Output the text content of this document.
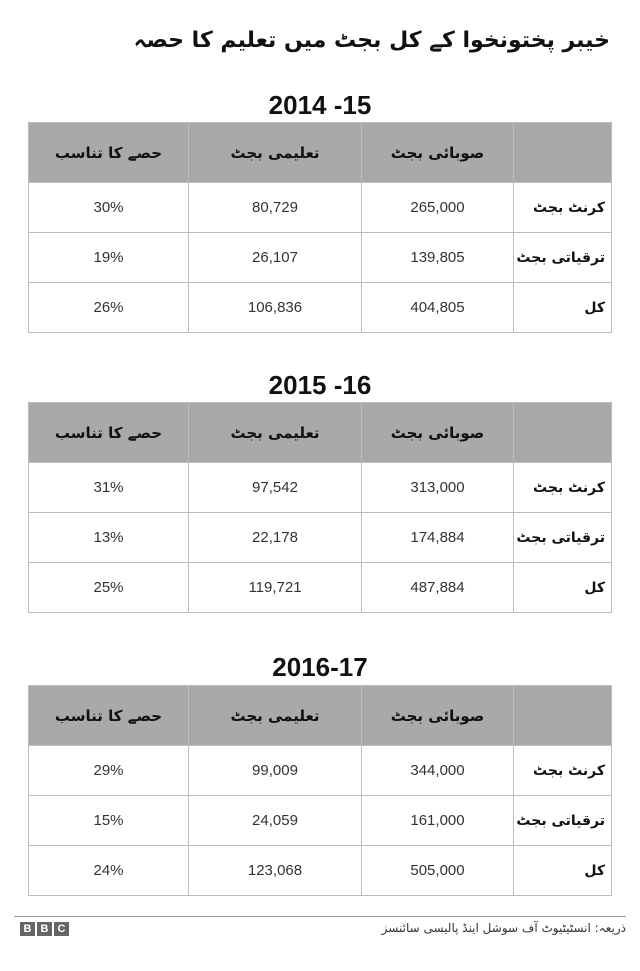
خیبر پختونخوا کے کل بجٹ میں تعلیم کا حصہ
2014 -15
حصے کا تناسب	تعلیمی بجٹ	صوبائی بجٹ	
30%	80,729	265,000	کرنٹ بجٹ
19%	26,107	139,805	ترقیاتی بجٹ
26%	106,836	404,805	کل
2015 -16
حصے کا تناسب	تعلیمی بجٹ	صوبائی بجٹ	
31%	97,542	313,000	کرنٹ بجٹ
13%	22,178	174,884	ترقیاتی بجٹ
25%	119,721	487,884	کل
2016-17
حصے کا تناسب	تعلیمی بجٹ	صوبائی بجٹ	
29%	99,009	344,000	کرنٹ بجٹ
15%	24,059	161,000	ترقیاتی بجٹ
24%	123,068	505,000	کل
B B C	ذریعہ: انسٹیٹیوٹ آف سوشل اینڈ پالیسی سائنسز
